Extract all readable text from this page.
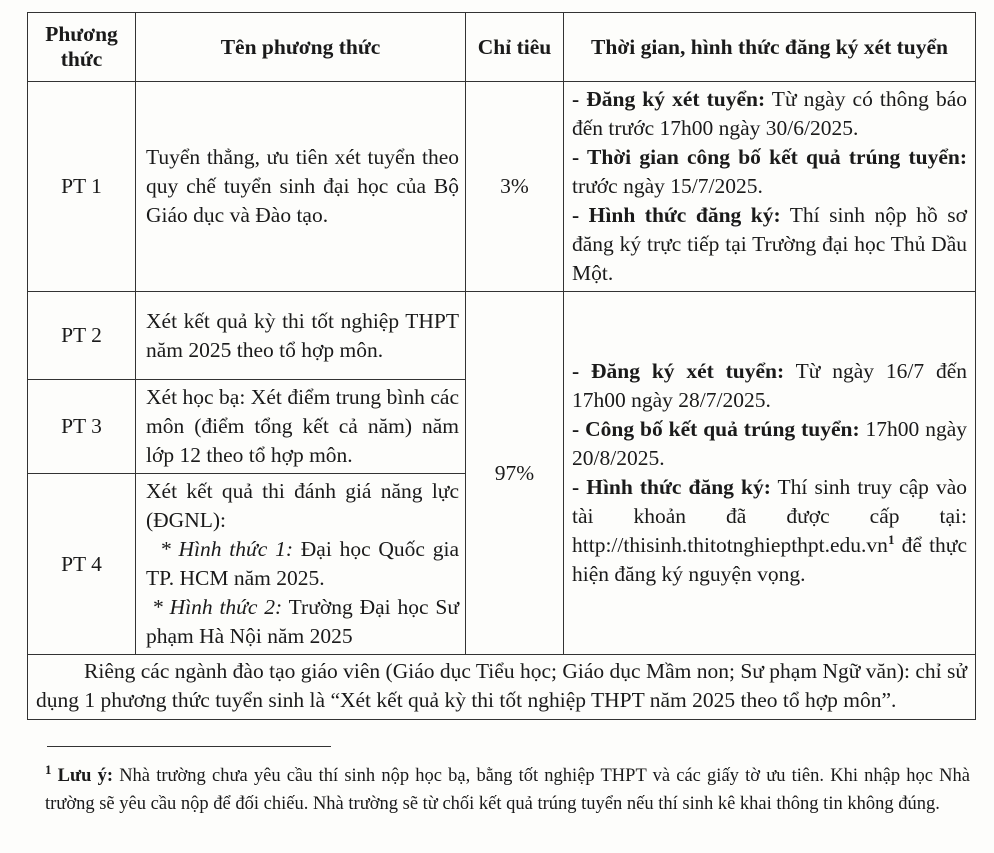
Phương thức	Tên phương thức	Chỉ tiêu	Thời gian, hình thức đăng ký xét tuyển
PT 1	Tuyển thẳng, ưu tiên xét tuyển theo quy chế tuyển sinh đại học của Bộ Giáo dục và Đào tạo.	3%	- Đăng ký xét tuyển: Từ ngày có thông báo đến trước 17h00 ngày 30/6/2025.
- Thời gian công bố kết quả trúng tuyển: trước ngày 15/7/2025.
- Hình thức đăng ký: Thí sinh nộp hồ sơ đăng ký trực tiếp tại Trường đại học Thủ Dầu Một.

PT 2	Xét kết quả kỳ thi tốt nghiệp THPT năm 2025 theo tổ hợp môn.	97%	- Đăng ký xét tuyển: Từ ngày 16/7 đến 17h00 ngày 28/7/2025.
- Công bố kết quả trúng tuyển: 17h00 ngày 20/8/2025.
- Hình thức đăng ký: Thí sinh truy cập vào tài khoản đã được cấp tại: $http://thisinh.thitotnghiepthpt.edu.vn^1$ để thực hiện đăng ký nguyện vọng.

PT 3	Xét học bạ: Xét điểm trung bình các môn (điểm tổng kết cả năm) năm lớp 12 theo tổ hợp môn.		
PT 4	Xét kết quả thi đánh giá năng lực (ĐGNL):
* Hình thức 1: Đại học Quốc gia TP. HCM năm 2025.
* Hình thức 2: Trường Đại học Sư phạm Hà Nội năm 2025		

Riêng các ngành đào tạo giáo viên (Giáo dục Tiểu học; Giáo dục Mầm non; Sư phạm Ngữ văn): chỉ sử dụng 1 phương thức tuyển sinh là “Xét kết quả kỳ thi tốt nghiệp THPT năm 2025 theo tổ hợp môn”.			
$^1$ Lưu ý: Nhà trường chưa yêu cầu thí sinh nộp học bạ, bằng tốt nghiệp THPT và các giấy tờ ưu tiên. Khi nhập học Nhà trường sẽ yêu cầu nộp để đối chiếu. Nhà trường sẽ từ chối kết quả trúng tuyển nếu thí sinh kê khai thông tin không đúng.
